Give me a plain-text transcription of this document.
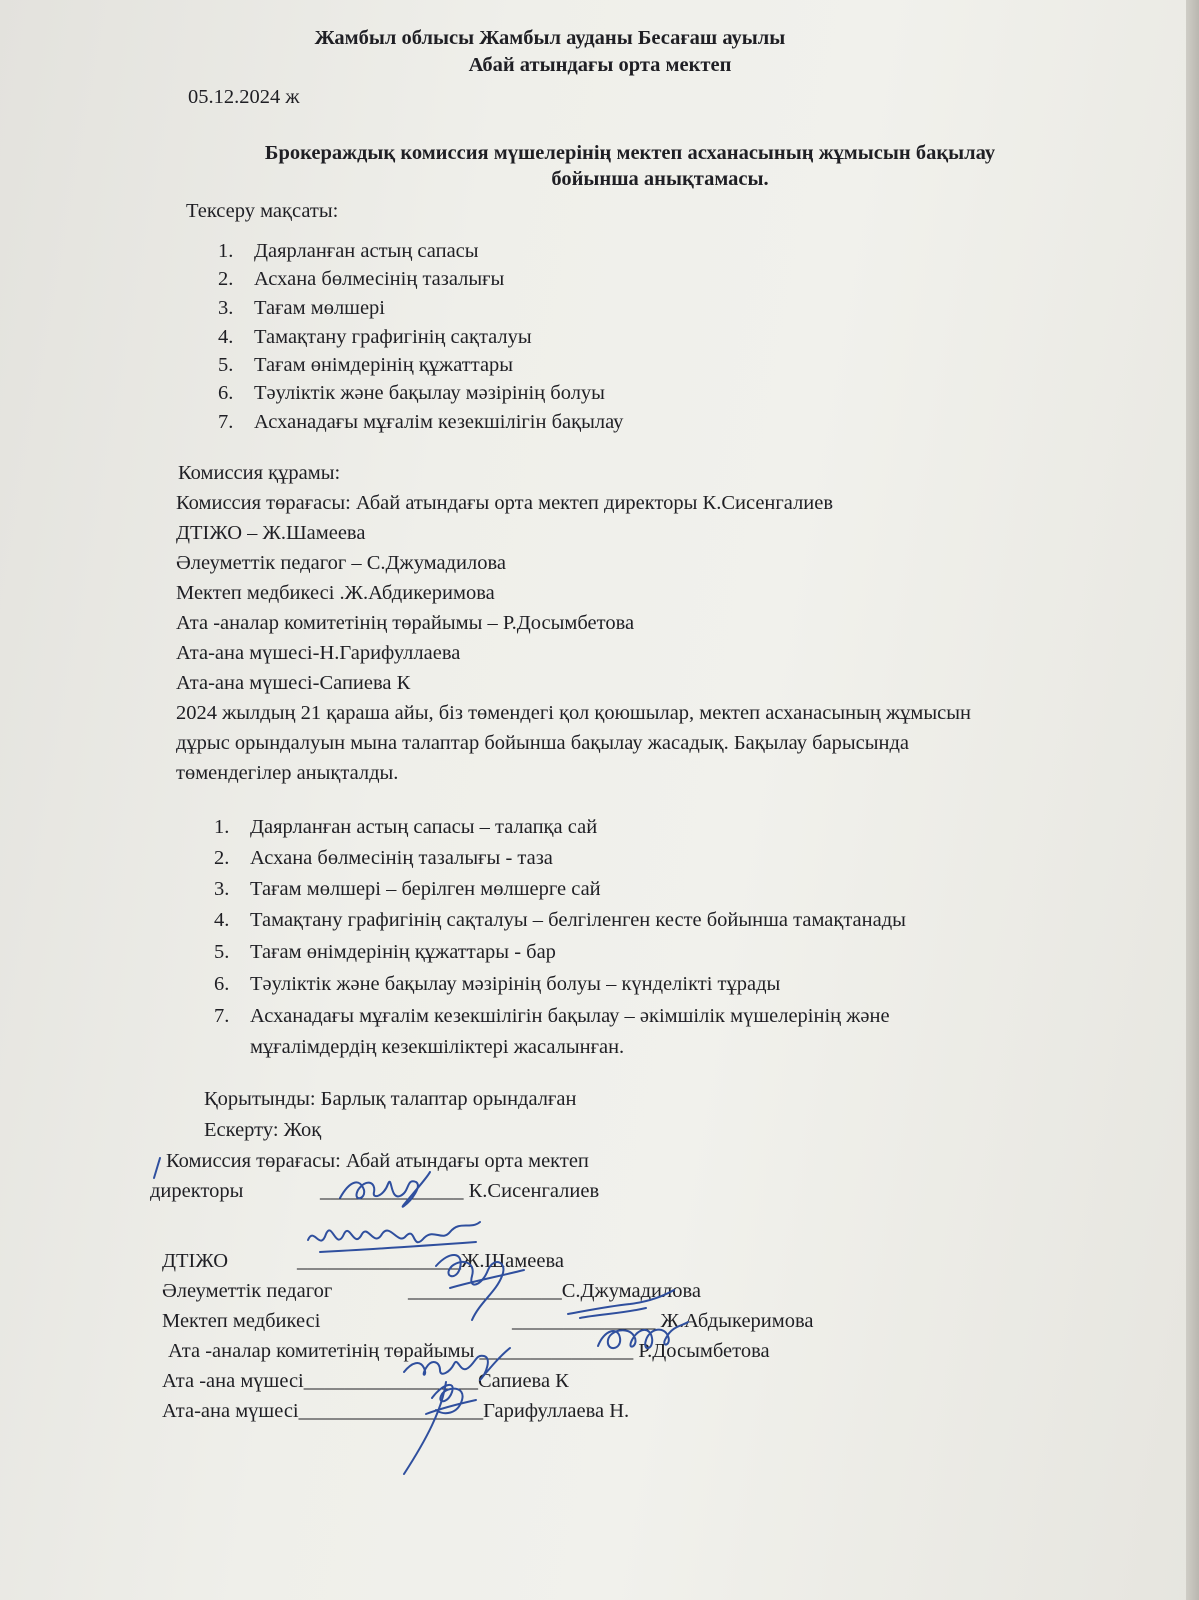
Жамбыл облысы Жамбыл ауданы Бесағаш ауылы
Абай атындағы орта мектеп
05.12.2024 ж
Брокераждық комиссия мүшелерінің мектеп асханасының жұмысын бақылау
бойынша анықтамасы.
Тексеру мақсаты:
1. Даярланған астың сапасы
2. Асхана бөлмесінің тазалығы
3. Тағам мөлшері
4. Тамақтану графигінің сақталуы
5. Тағам өнімдерінің құжаттары
6. Тәуліктік және бақылау мәзірінің болуы
7. Асханадағы мұғалім кезекшілігін бақылау
Комиссия құрамы:
Комиссия төрағасы: Абай атындағы орта мектеп директоры К.Сисенгалиев
ДТІЖО – Ж.Шамеева
Әлеуметтік педагог – С.Джумадилова
Мектеп медбикесі .Ж.Абдикеримова
Ата -аналар комитетінің төрайымы – Р.Досымбетова
Ата-ана мүшесі-Н.Гарифуллаева
Ата-ана мүшесі-Сапиева К
2024 жылдың 21 қараша айы, біз төмендегі қол қоюшылар, мектеп асханасының жұмысын
дұрыс орындалуын мына талаптар бойынша бақылау жасадық. Бақылау барысында
төмендегілер анықталды.
1. Даярланған астың сапасы – талапқа сай
2. Асхана бөлмесінің тазалығы - таза
3. Тағам мөлшері – берілген мөлшерге сай
4. Тамақтану графигінің сақталуы – белгіленген кесте бойынша тамақтанады
5. Тағам өнімдерінің құжаттары - бар
6. Тәуліктік және бақылау мәзірінің болуы – күнделікті тұрады
7. Асханадағы мұғалім кезекшілігін бақылау – әкімшілік мүшелерінің және
мұғалімдердің кезекшіліктері жасалынған.
Қорытынды: Барлық талаптар орындалған
Ескерту: Жоқ
Комиссия төрағасы: Абай атындағы орта мектеп
директоры	______________ К.Сисенгалиев
ДТІЖО	________________Ж.Шамеева
Әлеуметтік педагог	_______________С.Джумадилова
Мектеп медбикесі	______________ Ж.Абдыкеримова
Ата -аналар комитетінің төрайымы _______________ Р.Досымбетова
Ата -ана мүшесі_________________Сапиева К
Ата-ана мүшесі__________________Гарифуллаева Н.
